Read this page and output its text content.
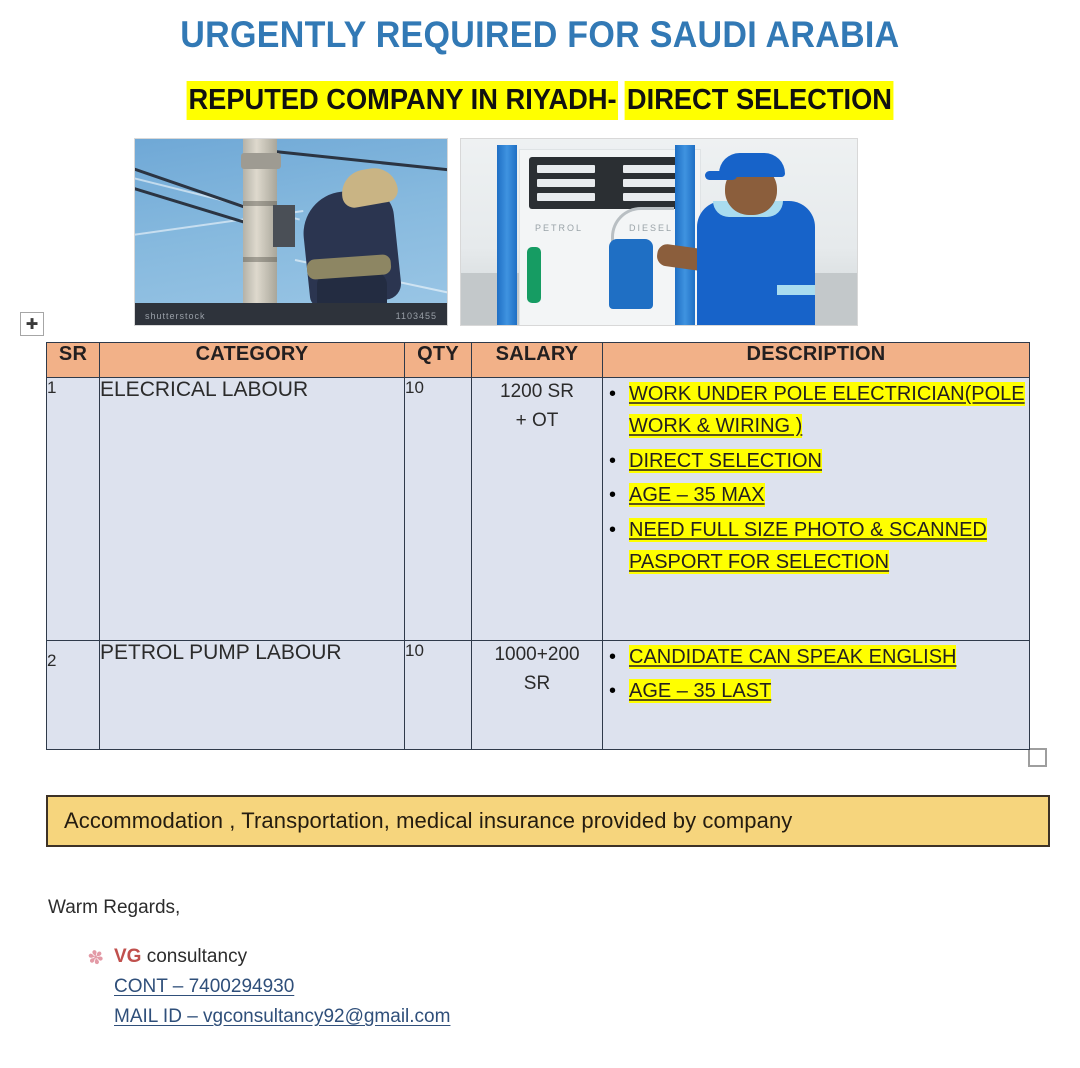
URGENTLY REQUIRED FOR SAUDI ARABIA
REPUTED COMPANY IN RIYADH- DIRECT SELECTION
shutterstock	1103455
PETROL	DIESEL
✚
SR	CATEGORY	QTY	SALARY	DESCRIPTION
1	ELECRICAL LABOUR	10	1200 SR
+ OT

• WORK UNDER POLE ELECTRICIAN(POLE WORK & WIRING )
• DIRECT SELECTION
• AGE – 35 MAX
• NEED FULL SIZE PHOTO & SCANNED PASPORT FOR SELECTION

2	PETROL PUMP LABOUR	10	1000+200
SR

• CANDIDATE CAN SPEAK ENGLISH
• AGE – 35 LAST
Accommodation , Transportation, medical insurance provided by company
Warm Regards,
✽ VG consultancy
CONT – 7400294930
MAIL ID – vgconsultancy92@gmail.com
